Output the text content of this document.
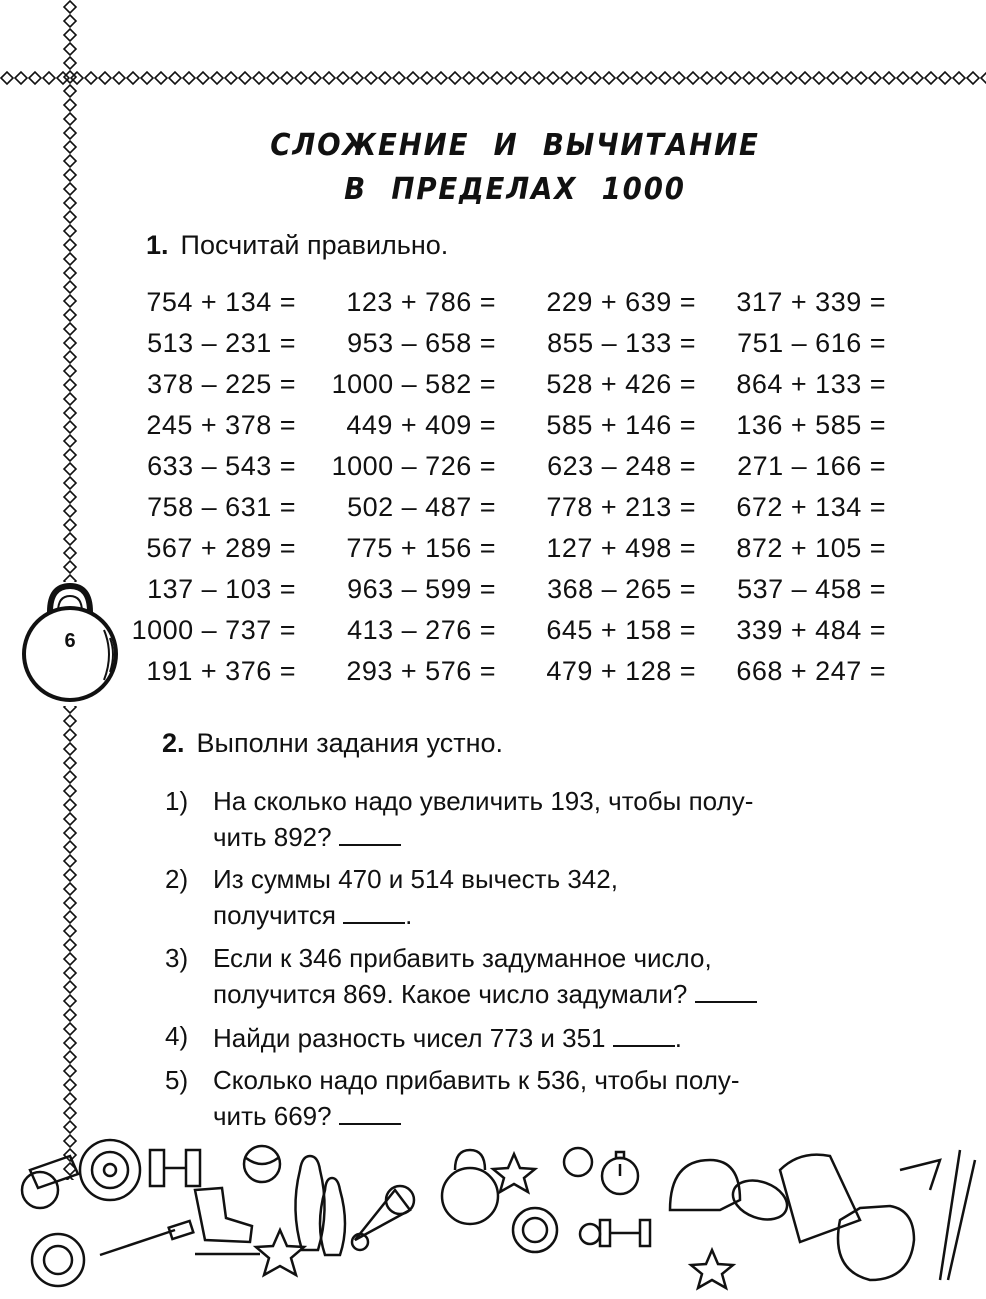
6
СЛОЖЕНИЕ И ВЫЧИТАНИЕ
В ПРЕДЕЛАХ 1000
1. Посчитай правильно.
754 + 134 =
513 – 231 =
378 – 225 =
245 + 378 =
633 – 543 =
758 – 631 =
567 + 289 =
137 – 103 =
1000 – 737 =
191 + 376 =
123 + 786 =
953 – 658 =
1000 – 582 =
449 + 409 =
1000 – 726 =
502 – 487 =
775 + 156 =
963 – 599 =
413 – 276 =
293 + 576 =
229 + 639 =
855 – 133 =
528 + 426 =
585 + 146 =
623 – 248 =
778 + 213 =
127 + 498 =
368 – 265 =
645 + 158 =
479 + 128 =
317 + 339 =
751 – 616 =
864 + 133 =
136 + 585 =
271 – 166 =
672 + 134 =
872 + 105 =
537 – 458 =
339 + 484 =
668 + 247 =
2. Выполни задания устно.
1) На сколько надо увеличить 193, чтобы полу-
чить 892?
2) Из суммы 470 и 514 вычесть 342,
получится	.
3) Если к 346 прибавить задуманное число,
получится 869. Какое число задумали?
4) Найди разность чисел 773 и 351	.
5) Сколько надо прибавить к 536, чтобы полу-
чить 669?
